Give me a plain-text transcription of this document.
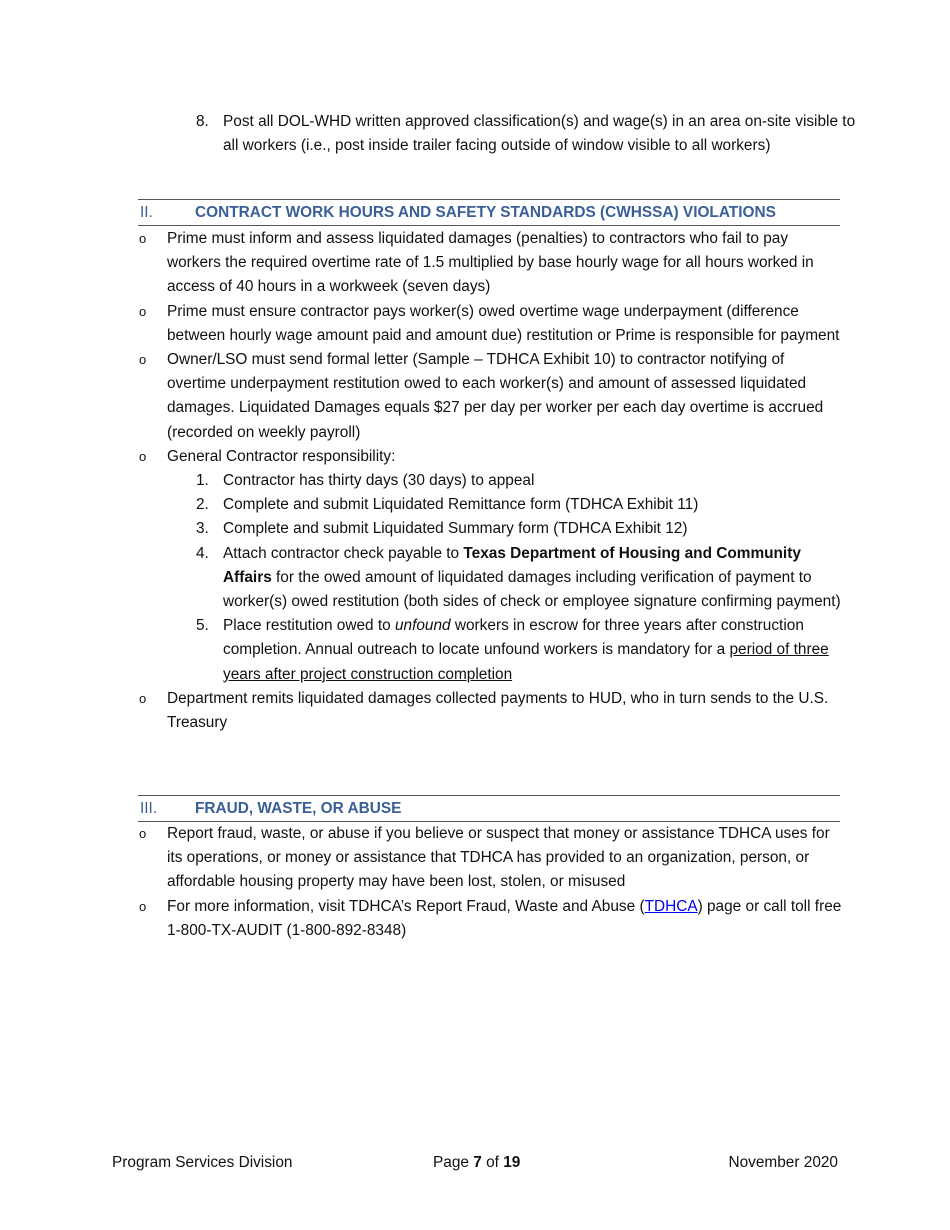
8. Post all DOL-WHD written approved classification(s) and wage(s) in an area on-site visible to all workers (i.e., post inside trailer facing outside of window visible to all workers)
II.	CONTRACT WORK HOURS AND SAFETY STANDARDS (CWHSSA) VIOLATIONS
o Prime must inform and assess liquidated damages (penalties) to contractors who fail to pay workers the required overtime rate of 1.5 multiplied by base hourly wage for all hours worked in access of 40 hours in a workweek (seven days)
o Prime must ensure contractor pays worker(s) owed overtime wage underpayment (difference between hourly wage amount paid and amount due) restitution or Prime is responsible for payment
o Owner/LSO must send formal letter (Sample – TDHCA Exhibit 10) to contractor notifying of overtime underpayment restitution owed to each worker(s) and amount of assessed liquidated damages. Liquidated Damages equals $27 per day per worker per each day overtime is accrued (recorded on weekly payroll)
o General Contractor responsibility:
1. Contractor has thirty days (30 days) to appeal
2. Complete and submit Liquidated Remittance form (TDHCA Exhibit 11)
3. Complete and submit Liquidated Summary form (TDHCA Exhibit 12)
4. Attach contractor check payable to Texas Department of Housing and Community Affairs for the owed amount of liquidated damages including verification of payment to worker(s) owed restitution (both sides of check or employee signature confirming payment)
5. Place restitution owed to unfound workers in escrow for three years after construction completion. Annual outreach to locate unfound workers is mandatory for a period of three years after project construction completion
o Department remits liquidated damages collected payments to HUD, who in turn sends to the U.S. Treasury
III. FRAUD, WASTE, OR ABUSE
o Report fraud, waste, or abuse if you believe or suspect that money or assistance TDHCA uses for its operations, or money or assistance that TDHCA has provided to an organization, person, or affordable housing property may have been lost, stolen, or misused
o For more information, visit TDHCA’s Report Fraud, Waste and Abuse (TDHCA) page or call toll free 1-800-TX-AUDIT (1-800-892-8348)
Program Services Division	Page 7 of 19	November 2020
